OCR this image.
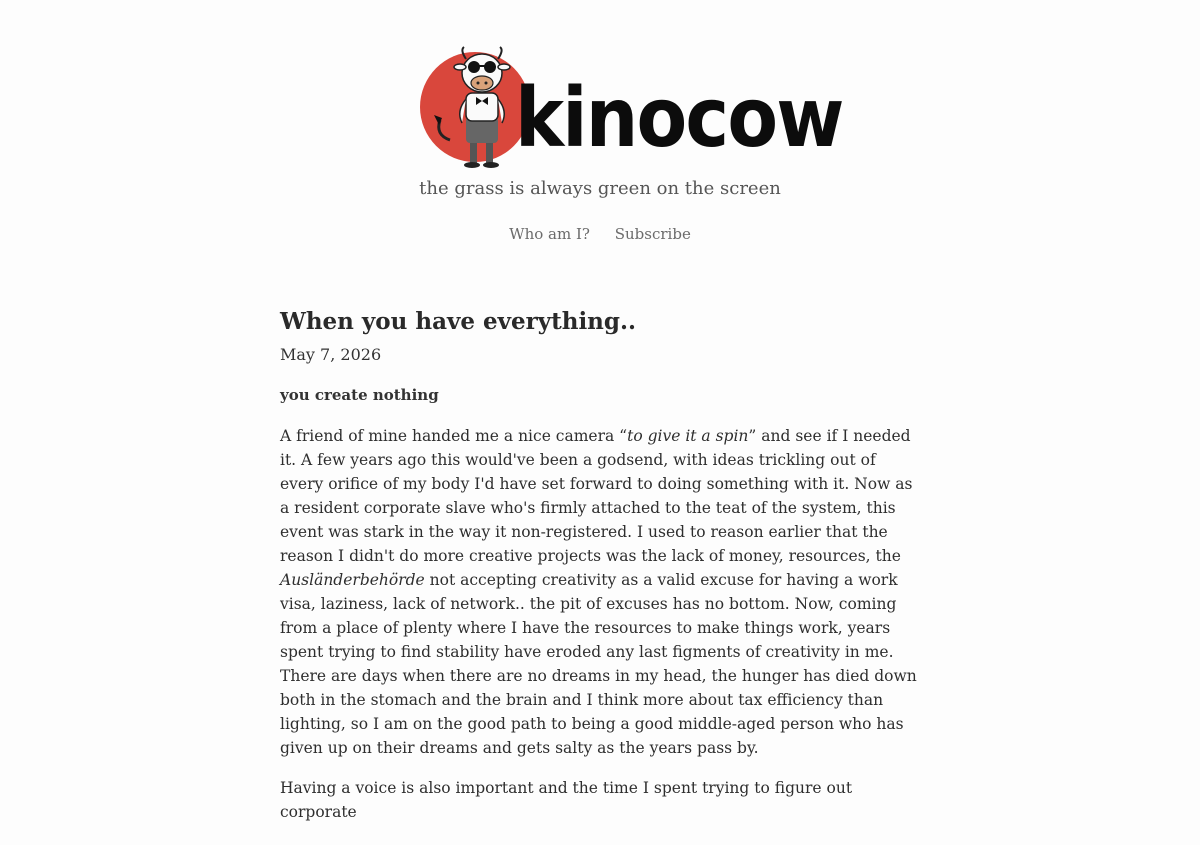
kinocow
the grass is always green on the screen
Who am I? Subscribe
When you have everything..
May 7, 2026
you create nothing

A friend of mine handed me a nice camera “to give it a spin” and see if I needed it. A few years ago this would've been a godsend, with ideas trickling out of every orifice of my body I'd have set forward to doing something with it. Now as a resident corporate slave who's firmly attached to the teat of the system, this event was stark in the way it non-registered. I used to reason earlier that the reason I didn't do more creative projects was the lack of money, resources, the Ausländerbehörde not accepting creativity as a valid excuse for having a work visa, laziness, lack of network.. the pit of excuses has no bottom. Now, coming from a place of plenty where I have the resources to make things work, years spent trying to find stability have eroded any last figments of creativity in me. There are days when there are no dreams in my head, the hunger has died down both in the stomach and the brain and I think more about tax efficiency than lighting, so I am on the good path to being a good middle-aged person who has given up on their dreams and gets salty as the years pass by.

Having a voice is also important and the time I spent trying to figure out corporate
